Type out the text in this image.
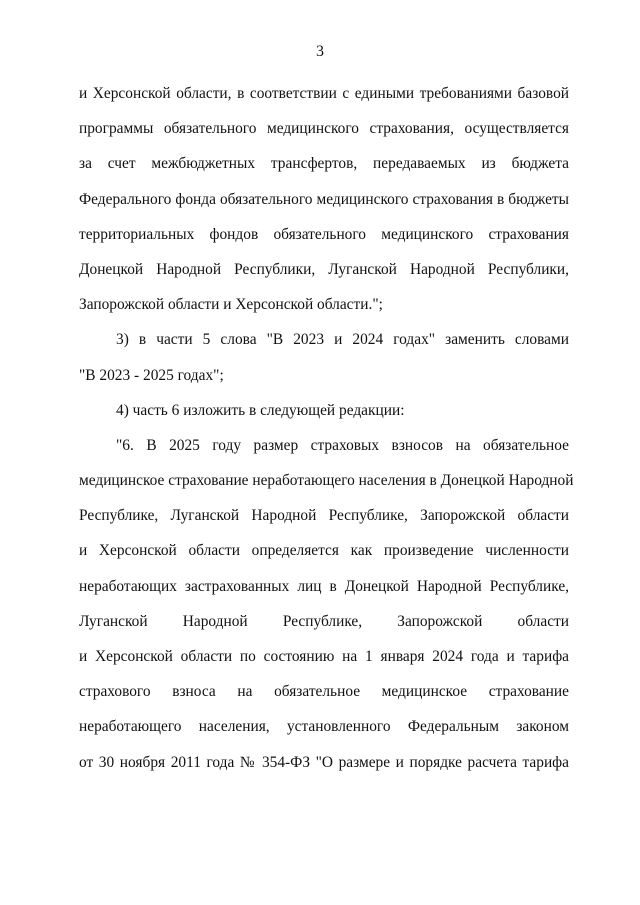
3
и Херсонской области, в соответствии с едиными требованиями базовой
программы обязательного медицинского страхования, осуществляется
за счет межбюджетных трансфертов, передаваемых из бюджета
Федерального фонда обязательного медицинского страхования в бюджеты
территориальных фондов обязательного медицинского страхования
Донецкой Народной Республики, Луганской Народной Республики,
Запорожской области и Херсонской области.";
3) в части 5 слова "В 2023 и 2024 годах" заменить словами
"В 2023 - 2025 годах";
4) часть 6 изложить в следующей редакции:
"6. В 2025 году размер страховых взносов на обязательное
медицинское страхование неработающего населения в Донецкой Народной
Республике, Луганской Народной Республике, Запорожской области
и Херсонской области определяется как произведение численности
неработающих застрахованных лиц в Донецкой Народной Республике,
Луганской Народной Республике, Запорожской области
и Херсонской области по состоянию на 1 января 2024 года и тарифа
страхового взноса на обязательное медицинское страхование
неработающего населения, установленного Федеральным законом
от 30 ноября 2011 года № 354-ФЗ "О размере и порядке расчета тарифа
